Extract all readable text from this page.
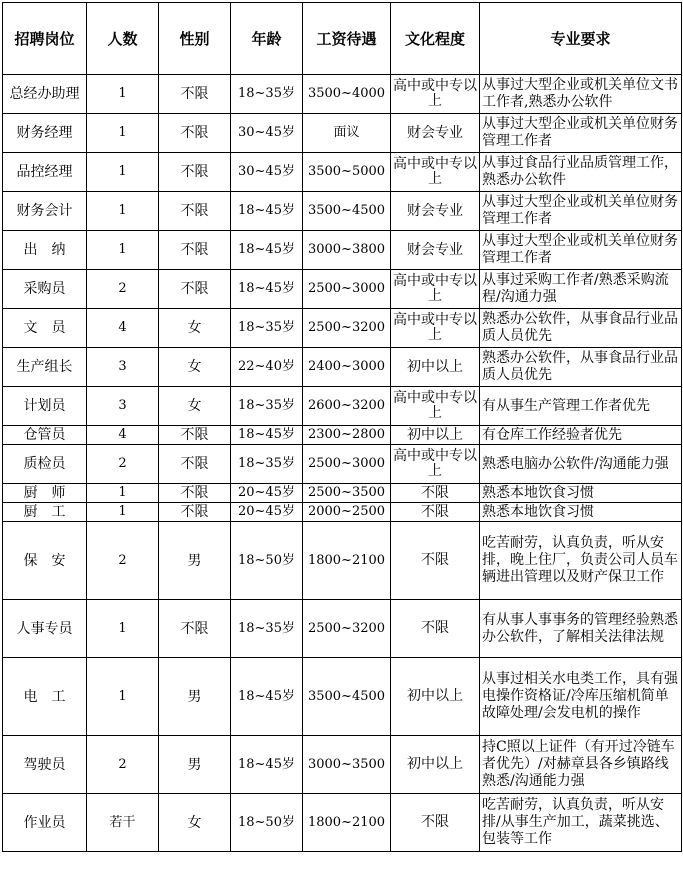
招聘岗位	人数	性别	年龄	工资待遇	文化程度	专业要求
总经办助理	1	不限	18~35岁	3500~4000	高中或中专以上	从事过大型企业或机关单位文书工作者,熟悉办公软件
财务经理	1	不限	30~45岁	面议	财会专业	从事过大型企业或机关单位财务管理工作者
品控经理	1	不限	30~45岁	3500~5000	高中或中专以上	从事过食品行业品质管理工作，熟悉办公软件
财务会计	1	不限	18~45岁	3500~4500	财会专业	从事过大型企业或机关单位财务管理工作者
出　纳	1	不限	18~45岁	3000~3800	财会专业	从事过大型企业或机关单位财务管理工作者
采购员	2	不限	18~45岁	2500~3000	高中或中专以上	从事过采购工作者/熟悉采购流程/沟通力强
文　员	4	女	18~35岁	2500~3200	高中或中专以上	熟悉办公软件，从事食品行业品质人员优先
生产组长	3	女	22~40岁	2400~3000	初中以上	熟悉办公软件，从事食品行业品质人员优先
计划员	3	女	18~35岁	2600~3200	高中或中专以上	有从事生产管理工作者优先
仓管员	4	不限	18~45岁	2300~2800	初中以上	有仓库工作经验者优先
质检员	2	不限	18~35岁	2500~3000	高中或中专以上	熟悉电脑办公软件/沟通能力强
厨　师	1	不限	20~45岁	2500~3500	不限	熟悉本地饮食习惯
厨　工	1	不限	20~45岁	2000~2500	不限	熟悉本地饮食习惯
保　安	2	男	18~50岁	1800~2100	不限	吃苦耐劳，认真负责，听从安排，晚上住厂，负责公司人员车辆进出管理以及财产保卫工作
人事专员	1	不限	18~35岁	2500~3200	不限	有从事人事事务的管理经验熟悉办公软件，了解相关法律法规
电　工	1	男	18~45岁	3500~4500	初中以上	从事过相关水电类工作，具有强电操作资格证/冷库压缩机简单故障处理/会发电机的操作
驾驶员	2	男	18~45岁	3000~3500	初中以上	持C照以上证件（有开过冷链车者优先）/对赫章县各乡镇路线熟悉/沟通能力强
作业员	若干	女	18~50岁	1800~2100	不限	吃苦耐劳，认真负责，听从安排/从事生产加工，蔬菜挑选、包装等工作
